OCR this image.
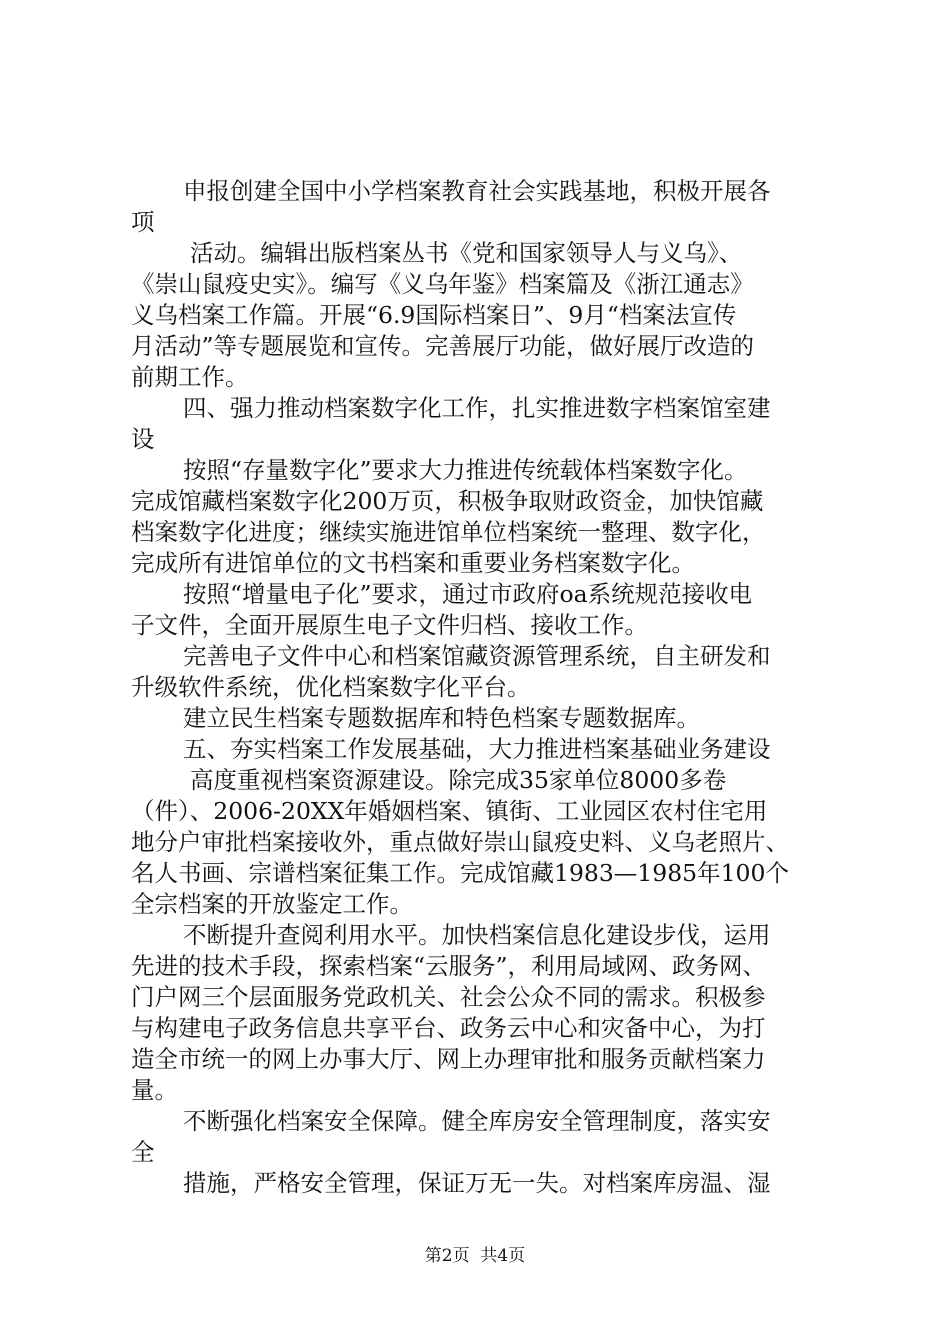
申报创建全国中小学档案教育社会实践基地，积极开展各
项
活动。编辑出版档案丛书《党和国家领导人与义乌》、
《崇山鼠疫史实》。编写《义乌年鉴》档案篇及《浙江通志》
义乌档案工作篇。开展“6.9国际档案日”、9月“档案法宣传
月活动”等专题展览和宣传。完善展厅功能，做好展厅改造的
前期工作。
四、强力推动档案数字化工作，扎实推进数字档案馆室建
设
按照“存量数字化”要求大力推进传统载体档案数字化。
完成馆藏档案数字化200万页，积极争取财政资金，加快馆藏
档案数字化进度；继续实施进馆单位档案统一整理、数字化，
完成所有进馆单位的文书档案和重要业务档案数字化。
按照“增量电子化”要求，通过市政府oa系统规范接收电
子文件，全面开展原生电子文件归档、接收工作。
完善电子文件中心和档案馆藏资源管理系统，自主研发和
升级软件系统，优化档案数字化平台。
建立民生档案专题数据库和特色档案专题数据库。
五、夯实档案工作发展基础，大力推进档案基础业务建设
高度重视档案资源建设。除完成35家单位8000多卷
（件）、2006-20XX年婚姻档案、镇街、工业园区农村住宅用
地分户审批档案接收外，重点做好崇山鼠疫史料、义乌老照片、
名人书画、宗谱档案征集工作。完成馆藏1983—1985年100个
全宗档案的开放鉴定工作。
不断提升查阅利用水平。加快档案信息化建设步伐，运用
先进的技术手段，探索档案“云服务”，利用局域网、政务网、
门户网三个层面服务党政机关、社会公众不同的需求。积极参
与构建电子政务信息共享平台、政务云中心和灾备中心，为打
造全市统一的网上办事大厅、网上办理审批和服务贡献档案力
量。
不断强化档案安全保障。健全库房安全管理制度，落实安
全
措施，严格安全管理，保证万无一失。对档案库房温、湿
第2页  共4页
